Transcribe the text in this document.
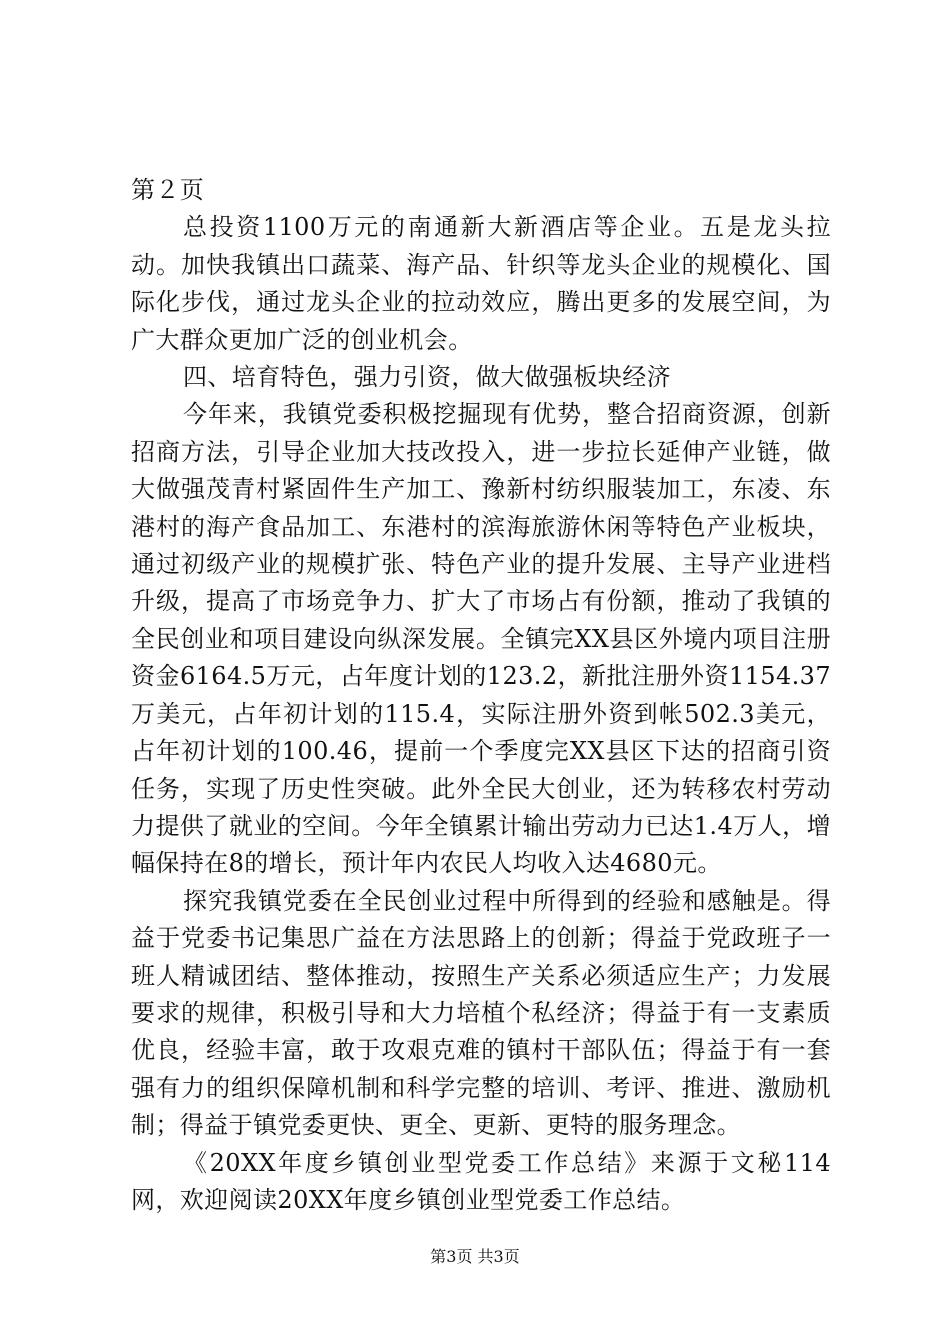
第２页

总投资1100万元的南通新大新酒店等企业。五是龙头拉动。加快我镇出口蔬菜、海产品、针织等龙头企业的规模化、国际化步伐，通过龙头企业的拉动效应，腾出更多的发展空间，为广大群众更加广泛的创业机会。

四、培育特色，强力引资，做大做强板块经济

今年来，我镇党委积极挖掘现有优势，整合招商资源，创新招商方法，引导企业加大技改投入，进一步拉长延伸产业链，做大做强茂青村紧固件生产加工、豫新村纺织服装加工，东凌、东港村的海产食品加工、东港村的滨海旅游休闲等特色产业板块，通过初级产业的规模扩张、特色产业的提升发展、主导产业进档升级，提高了市场竞争力、扩大了市场占有份额，推动了我镇的全民创业和项目建设向纵深发展。全镇完XX县区外境内项目注册资金6164.5万元，占年度计划的123.2，新批注册外资1154.37万美元，占年初计划的115.4，实际注册外资到帐502.3美元，占年初计划的100.46，提前一个季度完XX县区下达的招商引资任务，实现了历史性突破。此外全民大创业，还为转移农村劳动力提供了就业的空间。今年全镇累计输出劳动力已达1.4万人，增幅保持在8的增长，预计年内农民人均收入达4680元。

探究我镇党委在全民创业过程中所得到的经验和感触是。得益于党委书记集思广益在方法思路上的创新；得益于党政班子一班人精诚团结、整体推动，按照生产关系必须适应生产；力发展要求的规律，积极引导和大力培植个私经济；得益于有一支素质优良，经验丰富，敢于攻艰克难的镇村干部队伍；得益于有一套强有力的组织保障机制和科学完整的培训、考评、推进、激励机制；得益于镇党委更快、更全、更新、更特的服务理念。

《20XX年度乡镇创业型党委工作总结》来源于文秘114网，欢迎阅读20XX年度乡镇创业型党委工作总结。

第3页 共3页
